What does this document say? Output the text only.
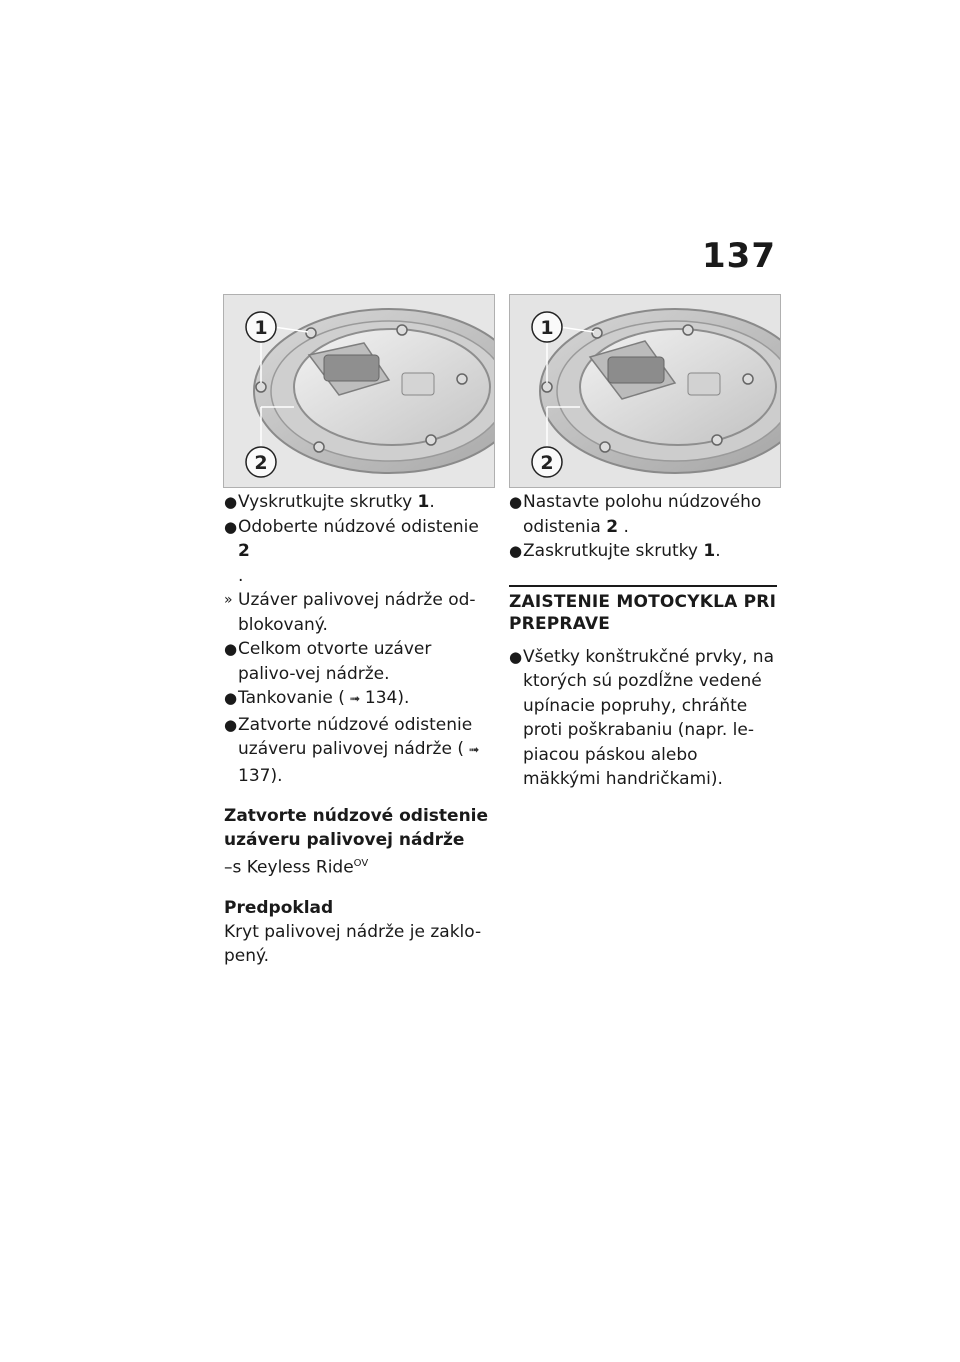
137
1
2
1
2
● Vyskrutkujte skrutky 1.
● Odoberte núdzové odistenie 2
.
» Uzáver palivovej nádrže od-blokovaný.
● Celkom otvorte uzáver palivo-vej nádrže.
● Tankovanie ( ➟ 134).
● Zatvorte núdzové odistenie uzáveru palivovej nádrže ( ➟137).
Zatvorte núdzové odistenie uzáveru palivovej nádrže
–s Keyless Ride$^{OV}$
Predpoklad
Kryt palivovej nádrže je zaklo-pený.
● Nastavte polohu núdzového odistenia 2 .
● Zaskrutkujte skrutky 1.
ZAISTENIE MOTOCYKLA PRI PREPRAVE
● Všetky konštrukčné prvky, na ktorých sú pozdĺžne vedené upínacie popruhy, chráňte proti poškrabaniu (napr. le-piacou páskou alebo mäkkými handričkami).
